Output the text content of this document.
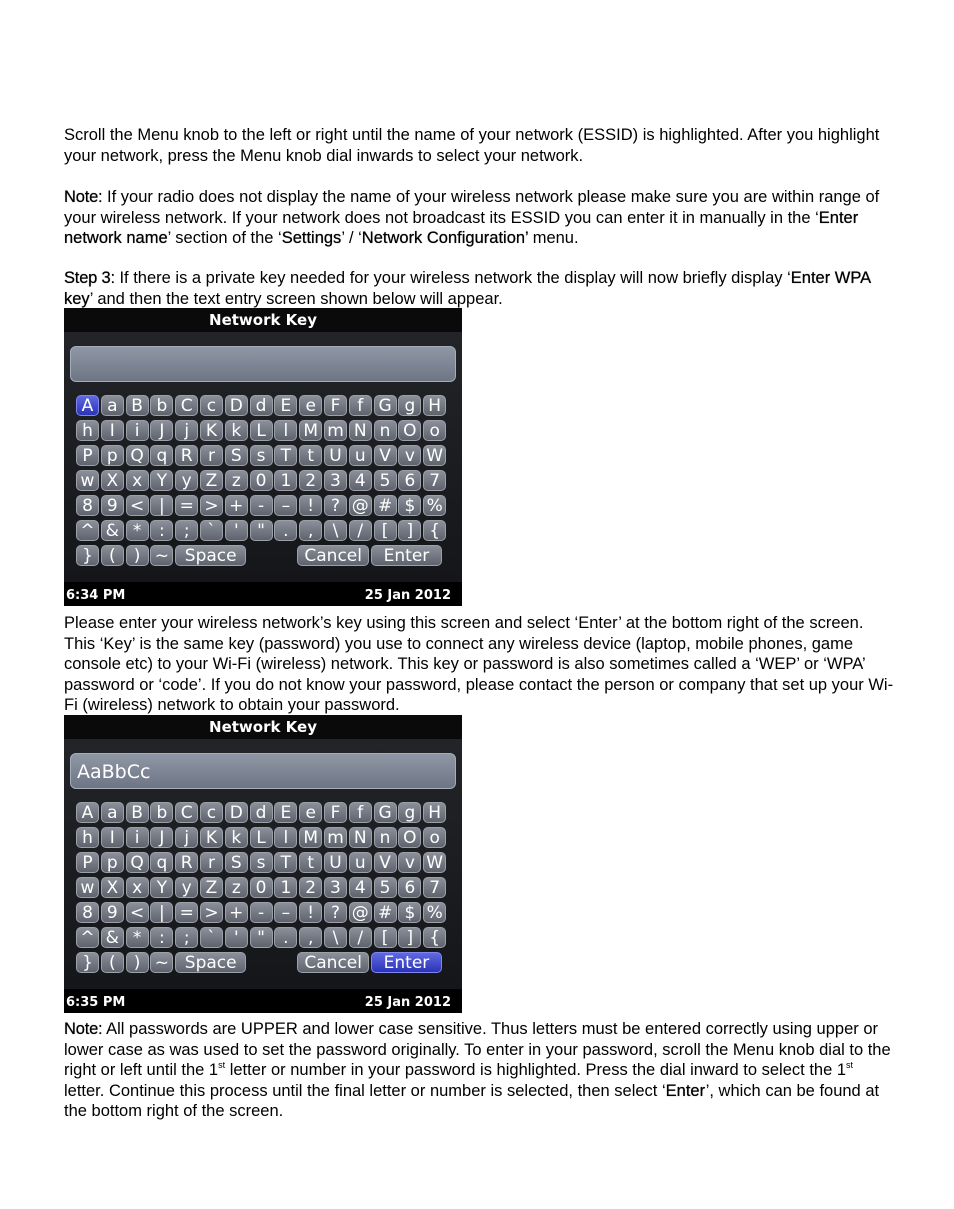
Scroll the Menu knob to the left or right until the name of your network (ESSID) is highlighted. After you highlight your network, press the Menu knob dial inwards to select your network.

Note: If your radio does not display the name of your wireless network please make sure you are within range of your wireless network. If your network does not broadcast its ESSID you can enter it in manually in the ‘Enter network name’ section of the ‘Settings’ / ‘Network Configuration’ menu.

Step 3: If there is a private key needed for your wireless network the display will now briefly display ‘Enter WPA key’ and then the text entry screen shown below will appear.

Network Key
A a B b C c D d E e F f G g H
h I	i	J	j K k L	l M m N n O o
P p Q q R r S s T t U u V v W
w X x Y y Z z 0 1 2 3 4 5 6 7
8 9 < | = > + -	–	! ? @ # $ %
^ & *	:	;	`	'	"	.	,	\	/	[	] {
} (	) ~ Space	Cancel	Enter
6:34 PM	25 Jan 2012

Please enter your wireless network’s key using this screen and select ‘Enter’ at the bottom right of the screen. This ‘Key’ is the same key (password) you use to connect any wireless device (laptop, mobile phones, game console etc) to your Wi-Fi (wireless) network. This key or password is also sometimes called a ‘WEP’ or ‘WPA’ password or ‘code’. If you do not know your password, please contact the person or company that set up your Wi-Fi (wireless) network to obtain your password.

Network Key
AaBbCc
A a B b C c D d E e F f G g H
h I	i	J	j K k L	l M m N n O o
P p Q q R r S s T t U u V v W
w X x Y y Z z 0 1 2 3 4 5 6 7
8 9 < | = > + -	–	! ? @ # $ %
^ & *	:	;	`	'	"	.	,	\	/	[	] {
} (	) ~ Space	Cancel	Enter
6:35 PM	25 Jan 2012

Note: All passwords are UPPER and lower case sensitive. Thus letters must be entered correctly using upper or lower case as was used to set the password originally. To enter in your password, scroll the Menu knob dial to the right or left until the 1st letter or number in your password is highlighted. Press the dial inward to select the 1st letter. Continue this process until the final letter or number is selected, then select ‘Enter’, which can be found at the bottom right of the screen.
